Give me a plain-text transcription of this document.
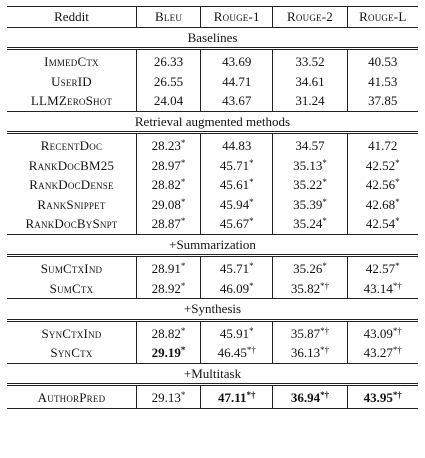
Reddit	Bleu	Rouge-1	Rouge-2	Rouge-L
Baselines				
ImmedCtx	26.33	43.69	33.52	40.53
UserID	26.55	44.71	34.61	41.53
LLMZeroShot	24.04	43.67	31.24	37.85
Retrieval augmented methods				
RecentDoc	28.23*	44.83	34.57	41.72
RankDocBM25	28.97*	45.71*	35.13*	42.52*
RankDocDense	28.82*	45.61*	35.22*	42.56*
RankSnippet	29.08*	45.94*	35.39*	42.68*
RankDocBySnpt	28.87*	45.67*	35.24*	42.54*
+Summarization				
SumCtxInd	28.91*	45.71*	35.26*	42.57*
SumCtx	28.92*	46.09*	35.82*†	43.14*†
+Synthesis				
SynCtxInd	28.82*	45.91*	35.87*†	43.09*†
SynCtx	29.19*	46.45*†	36.13*†	43.27*†
+Multitask				
AuthorPred	29.13*	47.11*†	36.94*†	43.95*†
